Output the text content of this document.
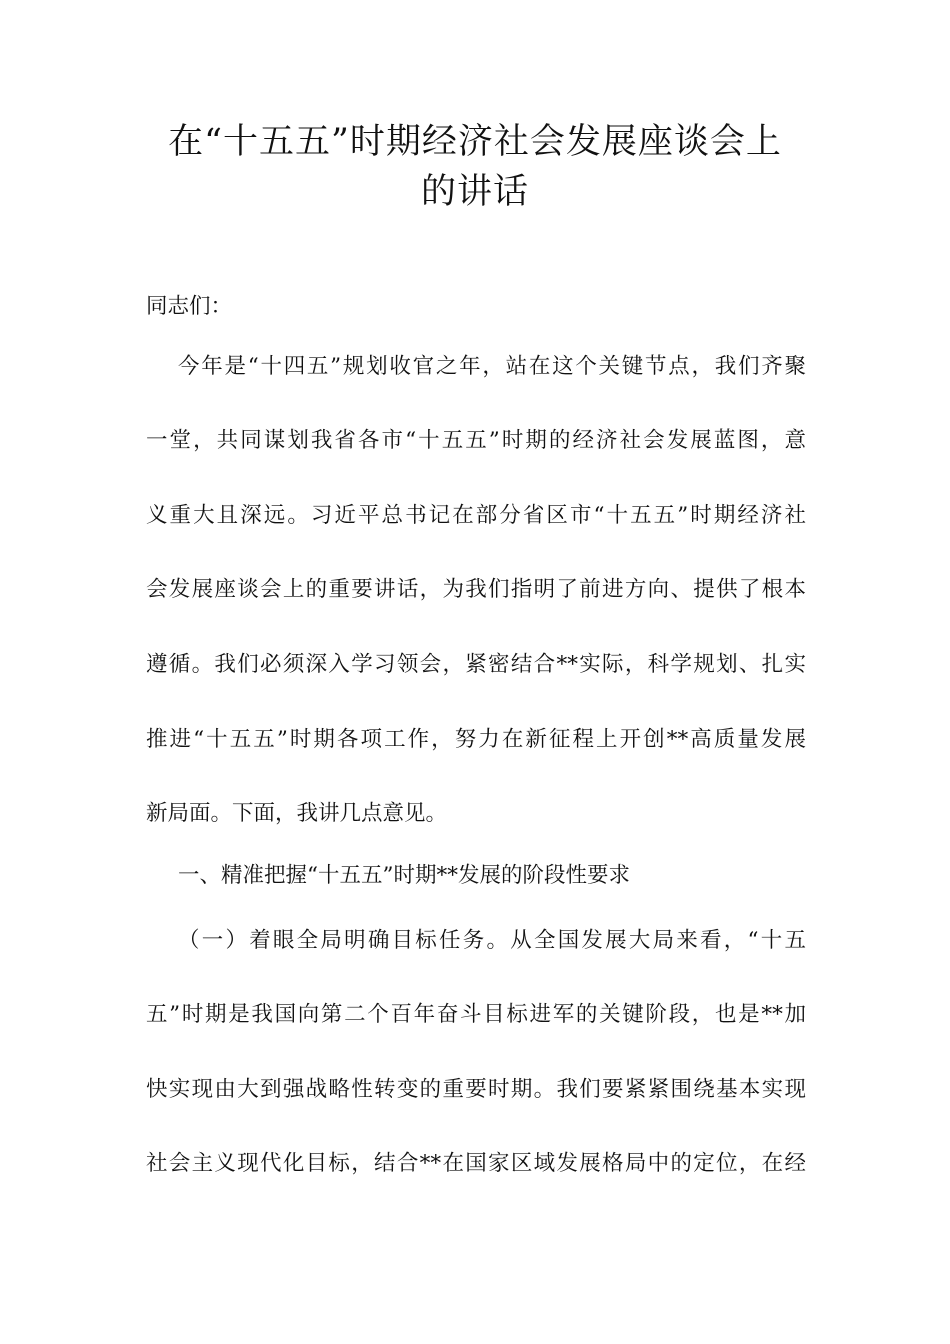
在“十五五”时期经济社会发展座谈会上
的讲话
同志们：
今年是“十四五”规划收官之年，站在这个关键节点，我们齐聚
一堂，共同谋划我省各市“十五五”时期的经济社会发展蓝图，意
义重大且深远。习近平总书记在部分省区市“十五五”时期经济社
会发展座谈会上的重要讲话，为我们指明了前进方向、提供了根本
遵循。我们必须深入学习领会，紧密结合**实际，科学规划、扎实
推进“十五五”时期各项工作，努力在新征程上开创**高质量发展
新局面。下面，我讲几点意见。
一、精准把握“十五五”时期**发展的阶段性要求
（一）着眼全局明确目标任务。从全国发展大局来看，“十五
五”时期是我国向第二个百年奋斗目标进军的关键阶段，也是**加
快实现由大到强战略性转变的重要时期。我们要紧紧围绕基本实现
社会主义现代化目标，结合**在国家区域发展格局中的定位，在经
